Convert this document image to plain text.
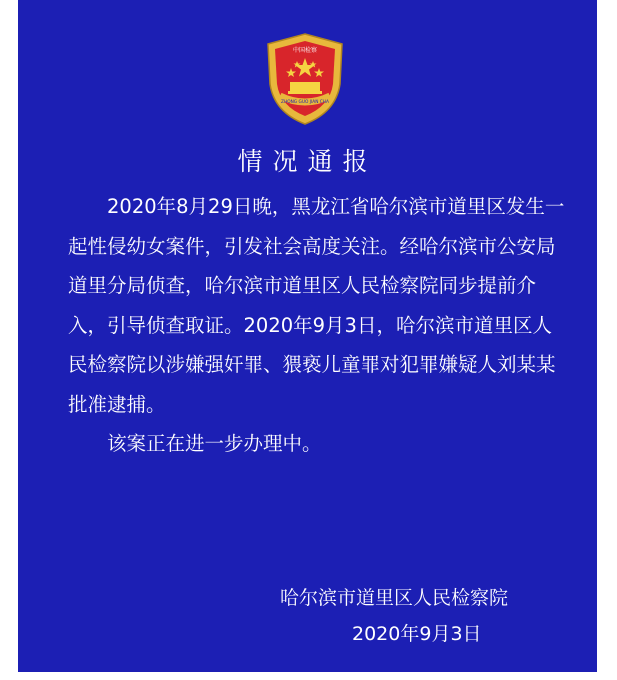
中国检察
ZHONG GUO JIAN CHA
情况通报

2020年8月29日晚，黑龙江省哈尔滨市道里区发生一起性侵幼女案件，引发社会高度关注。经哈尔滨市公安局道里分局侦查，哈尔滨市道里区人民检察院同步提前介入，引导侦查取证。2020年9月3日，哈尔滨市道里区人民检察院以涉嫌强奸罪、猥亵儿童罪对犯罪嫌疑人刘某某批准逮捕。

该案正在进一步办理中。

哈尔滨市道里区人民检察院
2020年9月3日
